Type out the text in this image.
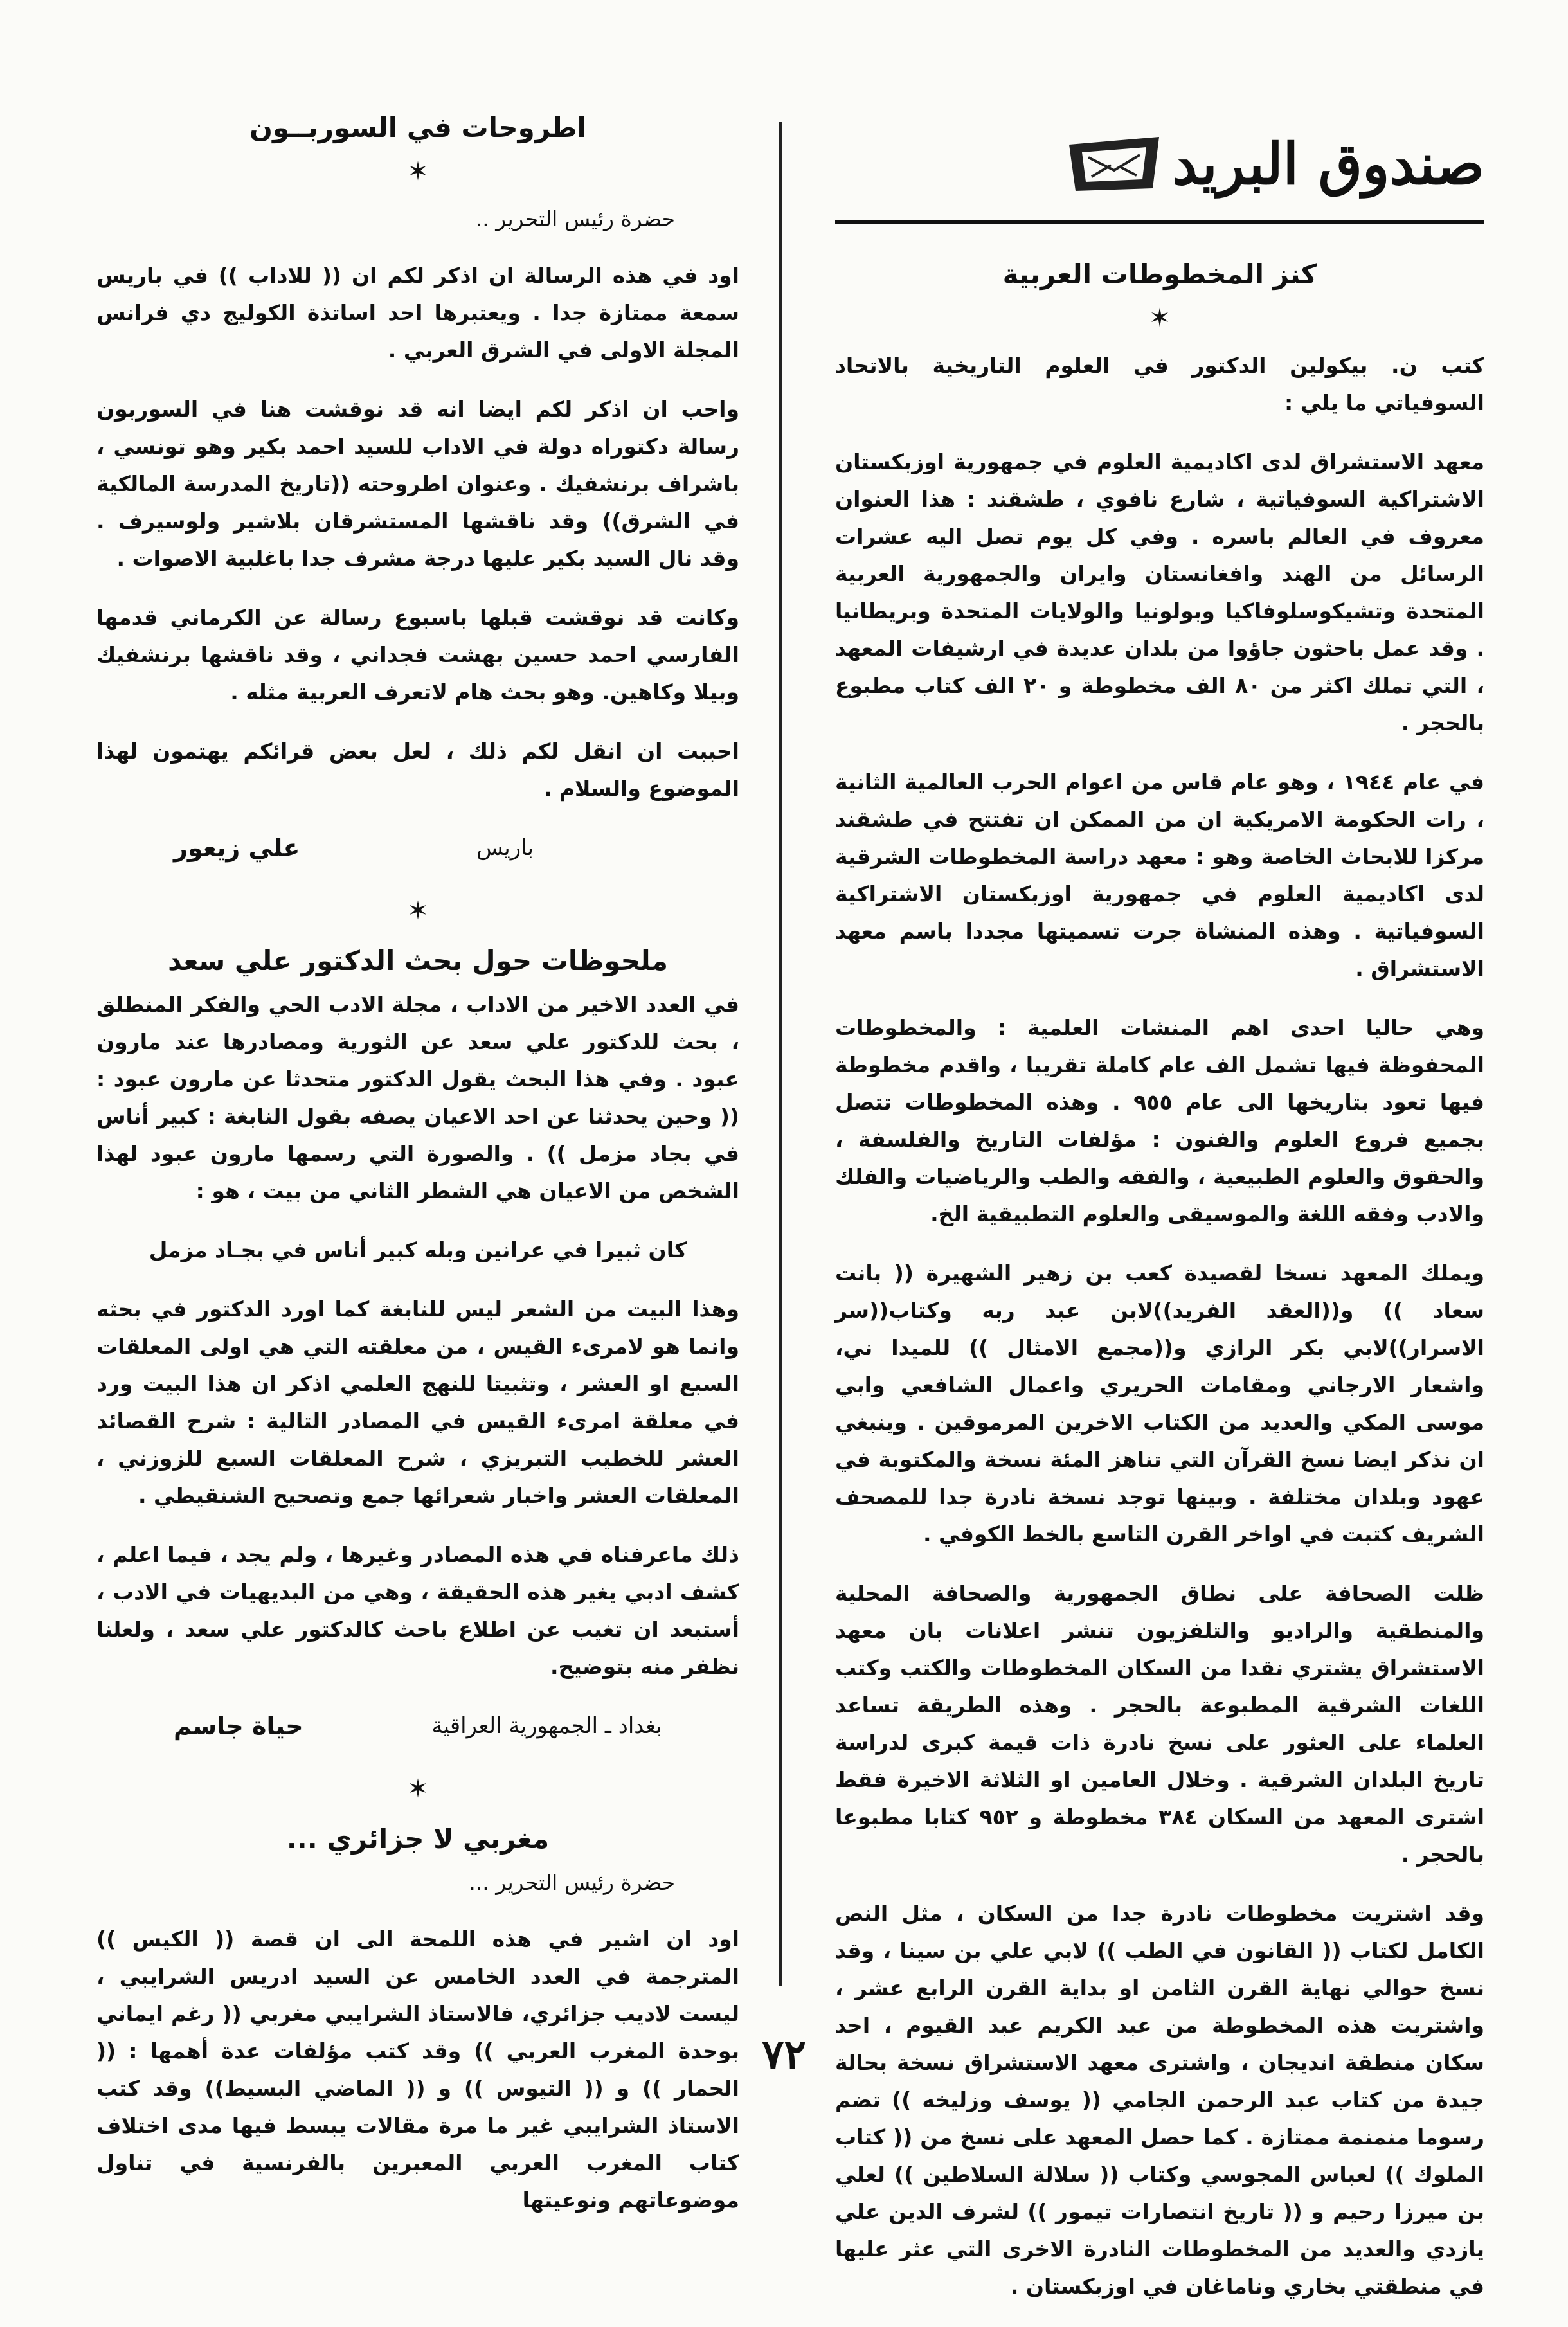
صندوق البريد
كنز المخطوطات العربية
✶

كتب ن. بيكولين الدكتور في العلوم التاريخية بالاتحاد السوفياتي ما يلي :

معهد الاستشراق لدى اكاديمية العلوم في جمهورية اوزبكستان الاشتراكية السوفياتية ، شارع نافوي ، طشقند : هذا العنوان معروف في العالم باسره . وفي كل يوم تصل اليه عشرات الرسائل من الهند وافغانستان وايران والجمهورية العربية المتحدة وتشيكوسلوفاكيا وبولونيا والولايات المتحدة وبريطانيا . وقد عمل باحثون جاؤوا من بلدان عديدة في ارشيفات المعهد ، التي تملك اكثر من ٨٠ الف مخطوطة و ٢٠ الف كتاب مطبوع بالحجر .

في عام ١٩٤٤ ، وهو عام قاس من اعوام الحرب العالمية الثانية ، رات الحكومة الامريكية ان من الممكن ان تفتتح في طشقند مركزا للابحاث الخاصة وهو : معهد دراسة المخطوطات الشرقية لدى اكاديمية العلوم في جمهورية اوزبكستان الاشتراكية السوفياتية . وهذه المنشاة جرت تسميتها مجددا باسم معهد الاستشراق .

وهي حاليا احدى اهم المنشات العلمية : والمخطوطات المحفوظة فيها تشمل الف عام كاملة تقريبا ، واقدم مخطوطة فيها تعود بتاريخها الى عام ٩٥٥ . وهذه المخطوطات تتصل بجميع فروع العلوم والفنون : مؤلفات التاريخ والفلسفة ، والحقوق والعلوم الطبيعية ، والفقه والطب والرياضيات والفلك والادب وفقه اللغة والموسيقى والعلوم التطبيقية الخ.

ويملك المعهد نسخا لقصيدة كعب بن زهير الشهيرة (( بانت سعاد )) و((العقد الفريد))لابن عبد ربه وكتاب((سر الاسرار))لابي بكر الرازي و((مجمع الامثال )) للميدا ني، واشعار الارجاني ومقامات الحريري واعمال الشافعي وابي موسى المكي والعديد من الكتاب الاخرين المرموقين . وينبغي ان نذكر ايضا نسخ القرآن التي تناهز المئة نسخة والمكتوبة في عهود وبلدان مختلفة . وبينها توجد نسخة نادرة جدا للمصحف الشريف كتبت في اواخر القرن التاسع بالخط الكوفي .

ظلت الصحافة على نطاق الجمهورية والصحافة المحلية والمنطقية والراديو والتلفزيون تنشر اعلانات بان معهد الاستشراق يشتري نقدا من السكان المخطوطات والكتب وكتب اللغات الشرقية المطبوعة بالحجر . وهذه الطريقة تساعد العلماء على العثور على نسخ نادرة ذات قيمة كبرى لدراسة تاريخ البلدان الشرقية . وخلال العامين او الثلاثة الاخيرة فقط اشترى المعهد من السكان ٣٨٤ مخطوطة و ٩٥٢ كتابا مطبوعا بالحجر .

وقد اشتريت مخطوطات نادرة جدا من السكان ، مثل النص الكامل لكتاب (( القانون في الطب )) لابي علي بن سينا ، وقد نسخ حوالي نهاية القرن الثامن او بداية القرن الرابع عشر ، واشتريت هذه المخطوطة من عبد الكريم عبد القيوم ، احد سكان منطقة انديجان ، واشترى معهد الاستشراق نسخة بحالة جيدة من كتاب عبد الرحمن الجامي (( يوسف وزليخه )) تضم رسوما منمنمة ممتازة . كما حصل المعهد على نسخ من (( كتاب الملوك )) لعباس المجوسي وكتاب (( سلالة السلاطين )) لعلي بن ميرزا رحيم و (( تاريخ انتصارات تيمور )) لشرف الدين علي يازدي والعديد من المخطوطات النادرة الاخرى التي عثر عليها في منطقتي بخاري وناماغان في اوزبكستان .

اطروحات في السوربــون
✶

حضرة رئيس التحرير ..

اود في هذه الرسالة ان اذكر لكم ان (( للاداب )) في باريس سمعة ممتازة جدا . ويعتبرها احد اساتذة الكوليج دي فرانس المجلة الاولى في الشرق العربي .

واحب ان اذكر لكم ايضا انه قد نوقشت هنا في السوربون رسالة دكتوراه دولة في الاداب للسيد احمد بكير وهو تونسي ، باشراف برنشفيك . وعنوان اطروحته ((تاريخ المدرسة المالكية في الشرق)) وقد ناقشها المستشرقان بلاشير ولوسيرف . وقد نال السيد بكير عليها درجة مشرف جدا باغلبية الاصوات .

وكانت قد نوقشت قبلها باسبوع رسالة عن الكرماني قدمها الفارسي احمد حسين بهشت فجداني ، وقد ناقشها برنشفيك وبيلا وكاهين. وهو بحث هام لاتعرف العربية مثله .

احببت ان انقل لكم ذلك ، لعل بعض قرائكم يهتمون لهذا الموضوع والسلام .

باريس
علي زيعور
✶
ملحوظات حول بحث الدكتور علي سعد

في العدد الاخير من الاداب ، مجلة الادب الحي والفكر المنطلق ، بحث للدكتور علي سعد عن الثورية ومصادرها عند مارون عبود . وفي هذا البحث يقول الدكتور متحدثا عن مارون عبود : (( وحين يحدثنا عن احد الاعيان يصفه بقول النابغة : كبير أناس في بجاد مزمل )) . والصورة التي رسمها مارون عبود لهذا الشخص من الاعيان هي الشطر الثاني من بيت ، هو :

كان ثبيرا في عرانين وبله كبير أناس في بجـاد مزمل

وهذا البيت من الشعر ليس للنابغة كما اورد الدكتور في بحثه وانما هو لامرىء القيس ، من معلقته التي هي اولى المعلقات السبع او العشر ، وتثبيتا للنهج العلمي اذكر ان هذا البيت ورد في معلقة امرىء القيس في المصادر التالية : شرح القصائد العشر للخطيب التبريزي ، شرح المعلقات السبع للزوزني ، المعلقات العشر واخبار شعرائها جمع وتصحيح الشنقيطي .

ذلك ماعرفناه في هذه المصادر وغيرها ، ولم يجد ، فيما اعلم ، كشف ادبي يغير هذه الحقيقة ، وهي من البديهيات في الادب ، أستبعد ان تغيب عن اطلاع باحث كالدكتور علي سعد ، ولعلنا نظفر منه بتوضيح.

بغداد ـ الجمهورية العراقية
حياة جاسم
✶
مغربي لا جزائري ...

حضرة رئيس التحرير ...

اود ان اشير في هذه اللمحة الى ان قصة (( الكيس )) المترجمة في العدد الخامس عن السيد ادريس الشرايبي ، ليست لاديب جزائري، فالاستاذ الشرايبي مغربي (( رغم ايماني بوحدة المغرب العربي )) وقد كتب مؤلفات عدة أهمها : (( الحمار )) و (( التيوس )) و (( الماضي البسيط)) وقد كتب الاستاذ الشرايبي غير ما مرة مقالات يبسط فيها مدى اختلاف كتاب المغرب العربي المعبرين بالفرنسية في تناول موضوعاتهم ونوعيتها

٧٢
